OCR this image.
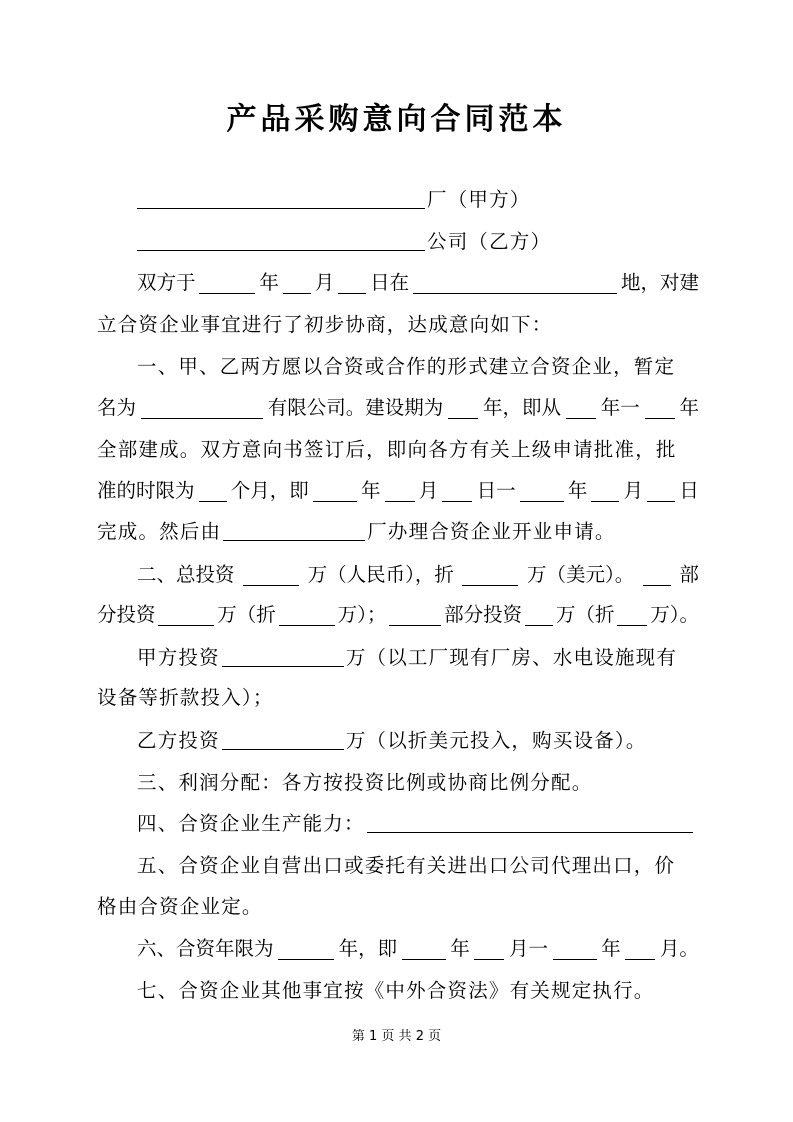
产品采购意向合同范本
厂（甲方）
公司（乙方）
双方于	年 月 日在	地，对建
立合资企业事宜进行了初步协商，达成意向如下：
一、甲、乙两方愿以合资或合作的形式建立合资企业，暂定
名为	有限公司。建设期为 年，即从 年一 年
全部建成。双方意向书签订后，即向各方有关上级申请批准，批
准的时限为 个月，即	年 月 日一	年 月 日
完成。然后由	厂办理合资企业开业申请。
二、总投资	万（人民币），折	万（美元）。 部
分投资	万（折	万）；	部分投资 万（折 万）。
甲方投资	万（以工厂现有厂房、水电设施现有
设备等折款投入）；
乙方投资	万（以折美元投入，购买设备）。
三、利润分配：各方按投资比例或协商比例分配。
四、合资企业生产能力：
五、合资企业自营出口或委托有关进出口公司代理出口，价
格由合资企业定。
六、合资年限为	年，即	年 月一	年 月。
七、合资企业其他事宜按《中外合资法》有关规定执行。
第 1 页 共 2 页
